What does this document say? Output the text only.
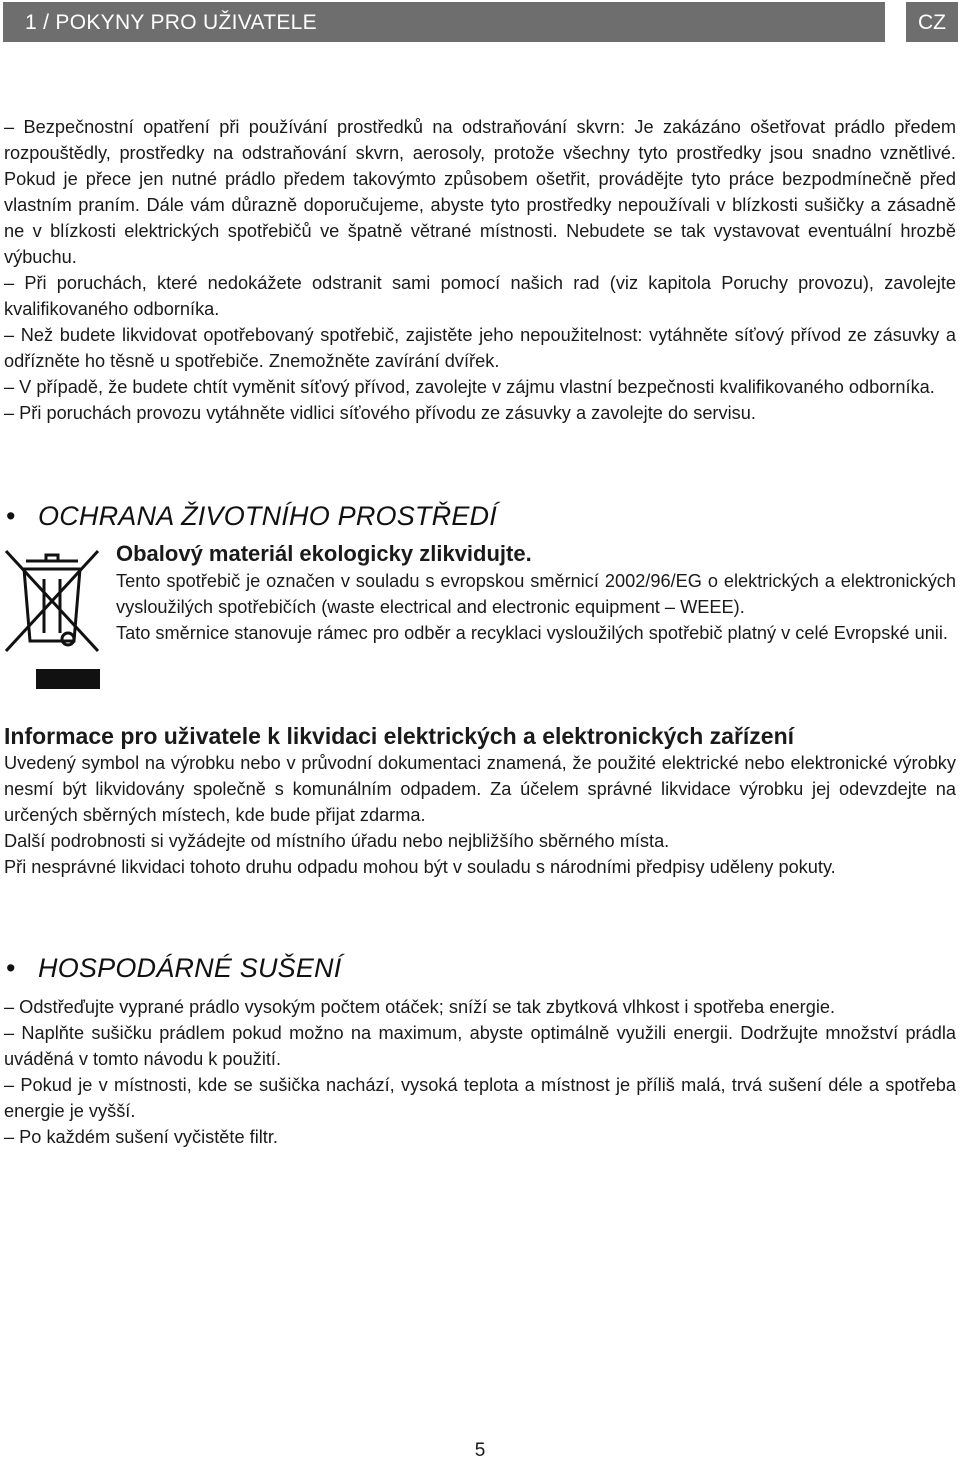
1 / POKYNY PRO UŽIVATELE	CZ

– Bezpečnostní opatření při používání prostředků na odstraňování skvrn: Je zakázáno ošetřovat prádlo předem rozpouštědly, prostředky na odstraňování skvrn, aerosoly, protože všechny tyto prostředky jsou snadno vznětlivé. Pokud je přece jen nutné prádlo předem takovýmto způsobem ošetřit, provádějte tyto práce bezpodmínečně před vlastním praním. Dále vám důrazně doporučujeme, abyste tyto prostředky nepoužívali v blízkosti sušičky a zásadně ne v blízkosti elektrických spotřebičů ve špatně větrané místnosti. Nebudete se tak vystavovat eventuální hrozbě výbuchu.

– Při poruchách, které nedokážete odstranit sami pomocí našich rad (viz kapitola Poruchy provozu), zavolejte kvalifikovaného odborníka.

– Než budete likvidovat opotřebovaný spotřebič, zajistěte jeho nepoužitelnost: vytáhněte síťový přívod ze zásuvky a odřízněte ho těsně u spotřebiče. Znemožněte zavírání dvířek.

– V případě, že budete chtít vyměnit síťový přívod, zavolejte v zájmu vlastní bezpečnosti kvalifikovaného odborníka.

– Při poruchách provozu vytáhněte vidlici síťového přívodu ze zásuvky a zavolejte do servisu.

• OCHRANA ŽIVOTNÍHO PROSTŘEDÍ

Obalový materiál ekologicky zlikvidujte.

Tento spotřebič je označen v souladu s evropskou směrnicí 2002/96/EG o elektrických a elektronických vysloužilých spotřebičích (waste electrical and electronic equipment – WEEE).

Tato směrnice stanovuje rámec pro odběr a recyklaci vysloužilých spotřebič platný v celé Evropské unii.

Informace pro uživatele k likvidaci elektrických a elektronických zařízení

Uvedený symbol na výrobku nebo v průvodní dokumentaci znamená, že použité elektrické nebo elektronické výrobky nesmí být likvidovány společně s komunálním odpadem. Za účelem správné likvidace výrobku jej odevzdejte na určených sběrných místech, kde bude přijat zdarma.

Další podrobnosti si vyžádejte od místního úřadu nebo nejbližšího sběrného místa.

Při nesprávné likvidaci tohoto druhu odpadu mohou být v souladu s národními předpisy uděleny pokuty.

• HOSPODÁRNÉ SUŠENÍ

– Odstřeďujte vyprané prádlo vysokým počtem otáček; sníží se tak zbytková vlhkost i spotřeba energie.

– Naplňte sušičku prádlem pokud možno na maximum, abyste optimálně využili energii. Dodržujte množství prádla uváděná v tomto návodu k použití.

– Pokud je v místnosti, kde se sušička nachází, vysoká teplota a místnost je příliš malá, trvá sušení déle a spotřeba energie je vyšší.

– Po každém sušení vyčistěte filtr.

5
